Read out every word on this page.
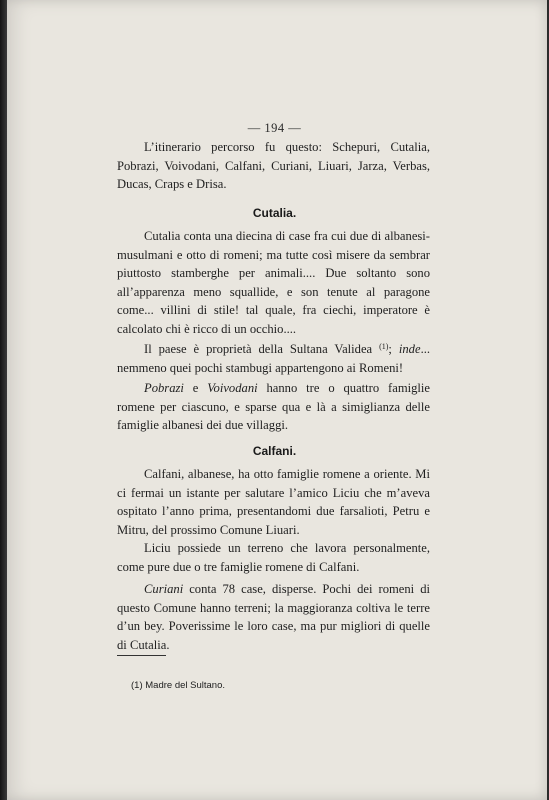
— 194 —

L’itinerario percorso fu questo: Schepuri, Cutalia, Pobrazi, Voivodani, Calfani, Curiani, Liuari, Jarza, Verbas, Ducas, Craps e Drisa.

Cutalia.

Cutalia conta una diecina di case fra cui due di albanesi-musulmani e otto di romeni; ma tutte così misere da sembrar piuttosto stamberghe per animali.... Due soltanto sono all’apparenza meno squallide, e son tenute al paragone come... villini di stile! tal quale, fra ciechi, imperatore è calcolato chi è ricco di un occhio....

Il paese è proprietà della Sultana Validea $^{(1)}$; inde... nemmeno quei pochi stambugi appartengono ai Romeni!

Pobrazi e Voivodani hanno tre o quattro famiglie romene per ciascuno, e sparse qua e là a simiglianza delle famiglie albanesi dei due villaggi.

Calfani.

Calfani, albanese, ha otto famiglie romene a oriente. Mi ci fermai un istante per salutare l’amico Liciu che m’aveva ospitato l’anno prima, presentandomi due farsalioti, Petru e Mitru, del prossimo Comune Liuari.

Liciu possiede un terreno che lavora personalmente, come pure due o tre famiglie romene di Calfani.

Curiani conta 78 case, disperse. Pochi dei romeni di questo Comune hanno terreni; la maggioranza coltiva le terre d’un bey. Poverissime le loro case, ma pur migliori di quelle di Cutalia.

(1) Madre del Sultano.
